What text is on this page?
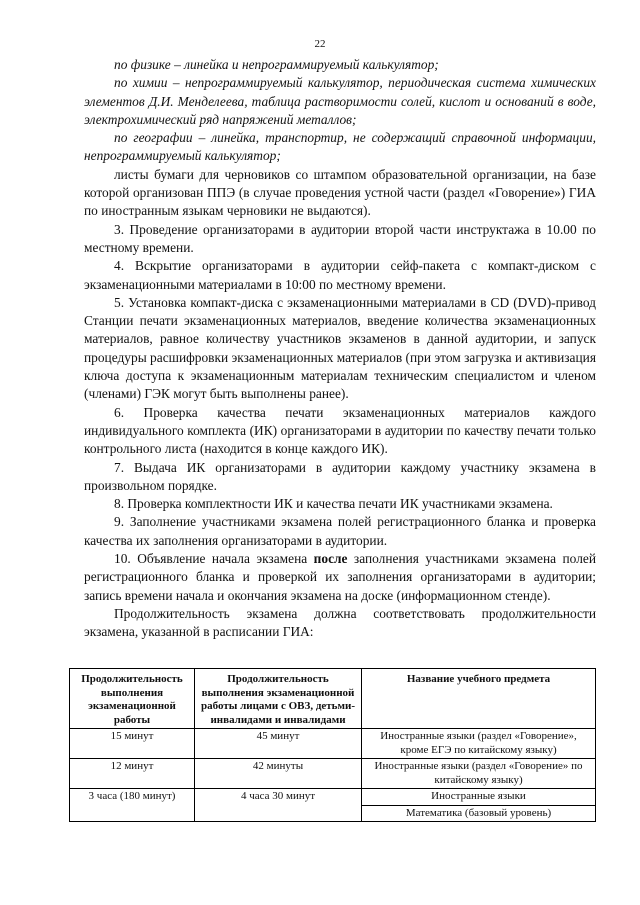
22

по физике – линейка и непрограммируемый калькулятор;

по химии – непрограммируемый калькулятор, периодическая система химических элементов Д.И. Менделеева, таблица растворимости солей, кислот и оснований в воде, электрохимический ряд напряжений металлов;

по географии – линейка, транспортир, не содержащий справочной информации, непрограммируемый калькулятор;

листы бумаги для черновиков со штампом образовательной организации, на базе которой организован ППЭ (в случае проведения устной части (раздел «Говорение») ГИА по иностранным языкам черновики не выдаются).

3. Проведение организаторами в аудитории второй части инструктажа в 10.00 по местному времени.

4. Вскрытие организаторами в аудитории сейф-пакета с компакт-диском с экзаменационными материалами в 10:00 по местному времени.

5. Установка компакт-диска с экзаменационными материалами в CD (DVD)-привод Станции печати экзаменационных материалов, введение количества экзаменационных материалов, равное количеству участников экзаменов в данной аудитории, и запуск процедуры расшифровки экзаменационных материалов (при этом загрузка и активизация ключа доступа к экзаменационным материалам техническим специалистом и членом (членами) ГЭК могут быть выполнены ранее).

6. Проверка качества печати экзаменационных материалов каждого индивидуального комплекта (ИК) организаторами в аудитории по качеству печати только контрольного листа (находится в конце каждого ИК).

7. Выдача ИК организаторами в аудитории каждому участнику экзамена в произвольном порядке.

8. Проверка комплектности ИК и качества печати ИК участниками экзамена.

9. Заполнение участниками экзамена полей регистрационного бланка и проверка качества их заполнения организаторами в аудитории.

10. Объявление начала экзамена после заполнения участниками экзамена полей регистрационного бланка и проверкой их заполнения организаторами в аудитории; запись времени начала и окончания экзамена на доске (информационном стенде).

Продолжительность экзамена должна соответствовать продолжительности экзамена, указанной в расписании ГИА:

Продолжительность выполнения экзаменационной работы	Продолжительность выполнения экзаменационной работы лицами с ОВЗ, детьми-инвалидами и инвалидами	Название учебного предмета
15 минут	45 минут	Иностранные языки (раздел «Говорение», кроме ЕГЭ по китайскому языку)
12 минут	42 минуты	Иностранные языки (раздел «Говорение» по китайскому языку)
3 часа (180 минут)	4 часа 30 минут	Иностранные языки
		Математика (базовый уровень)
